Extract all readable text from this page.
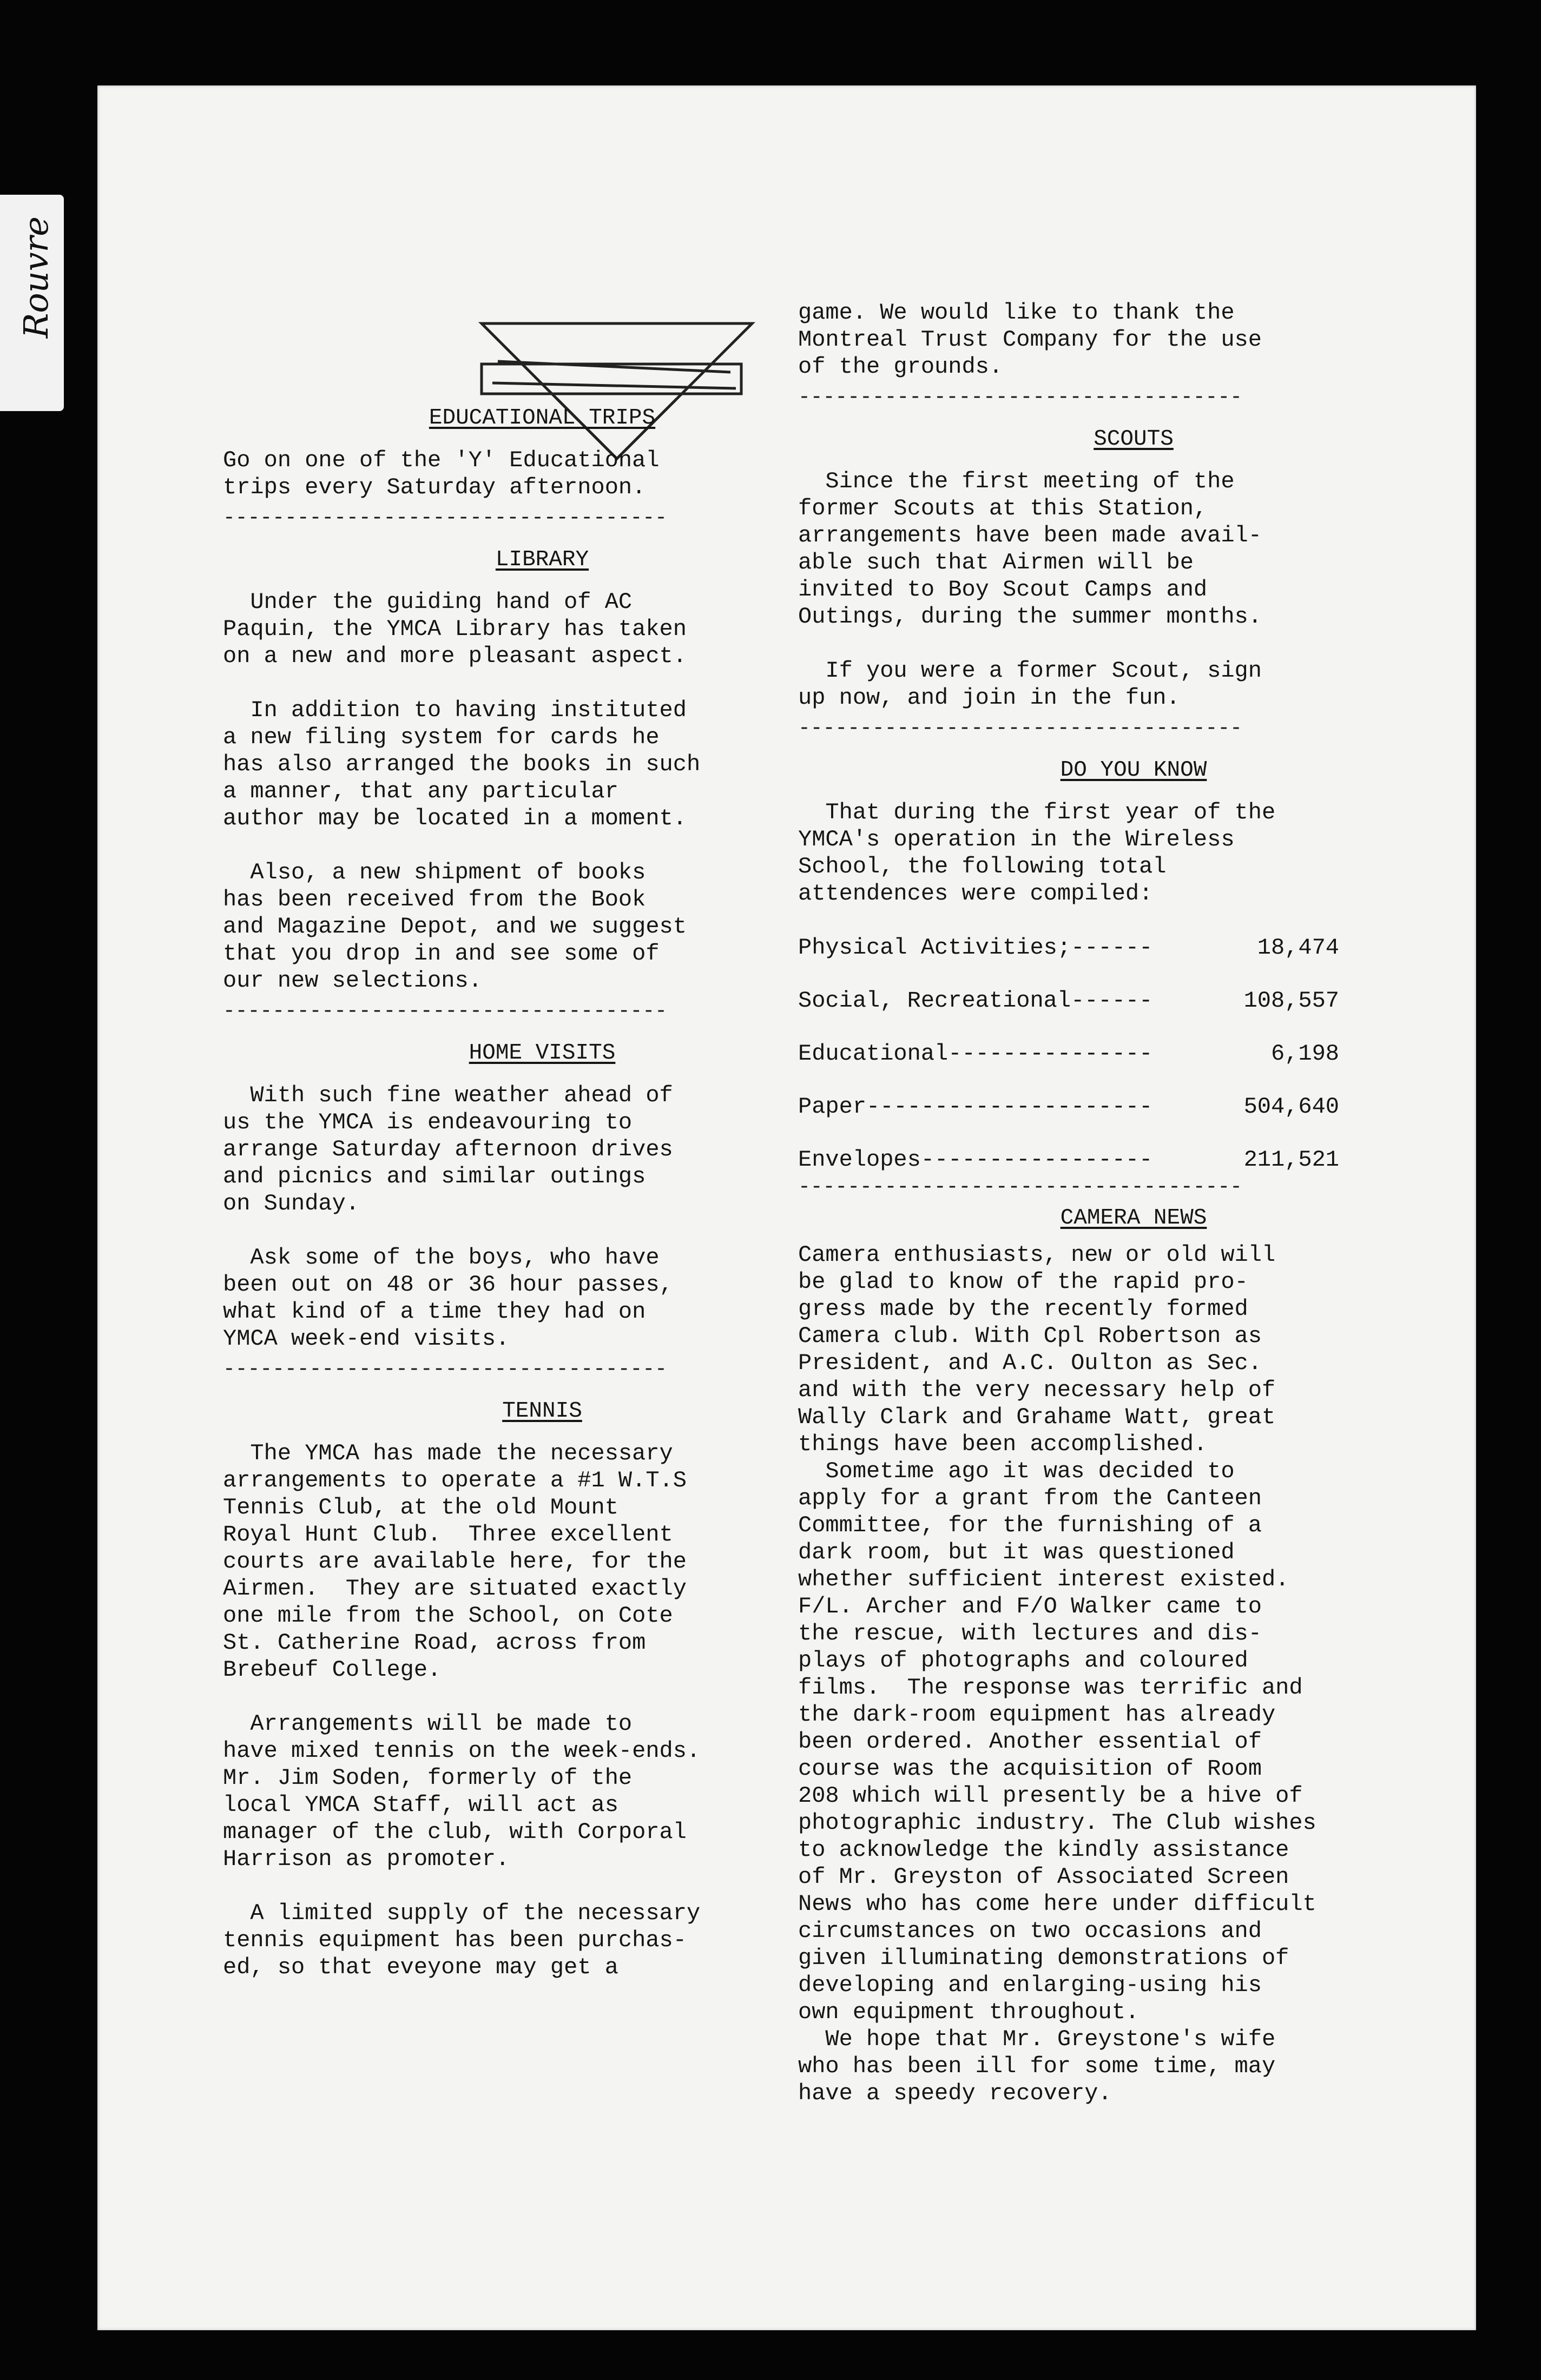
Rouvre
EDUCATIONAL TRIPS
Go on one of the 'Y' Educational
trips every Saturday afternoon.
------------------------------------
LIBRARY
Under the guiding hand of AC
Paquin, the YMCA Library has taken
on a new and more pleasant aspect.
In addition to having instituted
a new filing system for cards he
has also arranged the books in such
a manner, that any particular
author may be located in a moment.
Also, a new shipment of books
has been received from the Book
and Magazine Depot, and we suggest
that you drop in and see some of
our new selections.
------------------------------------
HOME VISITS
With such fine weather ahead of
us the YMCA is endeavouring to
arrange Saturday afternoon drives
and picnics and similar outings
on Sunday.
Ask some of the boys, who have
been out on 48 or 36 hour passes,
what kind of a time they had on
YMCA week-end visits.
------------------------------------
TENNIS
The YMCA has made the necessary
arrangements to operate a #1 W.T.S
Tennis Club, at the old Mount
Royal Hunt Club.  Three excellent
courts are available here, for the
Airmen.  They are situated exactly
one mile from the School, on Cote
St. Catherine Road, across from
Brebeuf College.
Arrangements will be made to
have mixed tennis on the week-ends.
Mr. Jim Soden, formerly of the
local YMCA Staff, will act as
manager of the club, with Corporal
Harrison as promoter.
A limited supply of the necessary
tennis equipment has been purchas-
ed, so that eveyone may get a
game. We would like to thank the
Montreal Trust Company for the use
of the grounds.
------------------------------------
SCOUTS
Since the first meeting of the
former Scouts at this Station,
arrangements have been made avail-
able such that Airmen will be
invited to Boy Scout Camps and
Outings, during the summer months.
If you were a former Scout, sign
up now, and join in the fun.
------------------------------------
DO YOU KNOW
That during the first year of the
YMCA's operation in the Wireless
School, the following total
attendences were compiled:
Physical Activities;------	18,474
Social, Recreational------	108,557
Educational---------------	6,198
Paper---------------------	504,640
Envelopes-----------------	211,521
------------------------------------
CAMERA NEWS
Camera enthusiasts, new or old will
be glad to know of the rapid pro-
gress made by the recently formed
Camera club. With Cpl Robertson as
President, and A.C. Oulton as Sec.
and with the very necessary help of
Wally Clark and Grahame Watt, great
things have been accomplished.
Sometime ago it was decided to
apply for a grant from the Canteen
Committee, for the furnishing of a
dark room, but it was questioned
whether sufficient interest existed.
F/L. Archer and F/O Walker came to
the rescue, with lectures and dis-
plays of photographs and coloured
films.  The response was terrific and
the dark-room equipment has already
been ordered. Another essential of
course was the acquisition of Room
208 which will presently be a hive of
photographic industry. The Club wishes
to acknowledge the kindly assistance
of Mr. Greyston of Associated Screen
News who has come here under difficult
circumstances on two occasions and
given illuminating demonstrations of
developing and enlarging-using his
own equipment throughout.
We hope that Mr. Greystone's wife
who has been ill for some time, may
have a speedy recovery.
